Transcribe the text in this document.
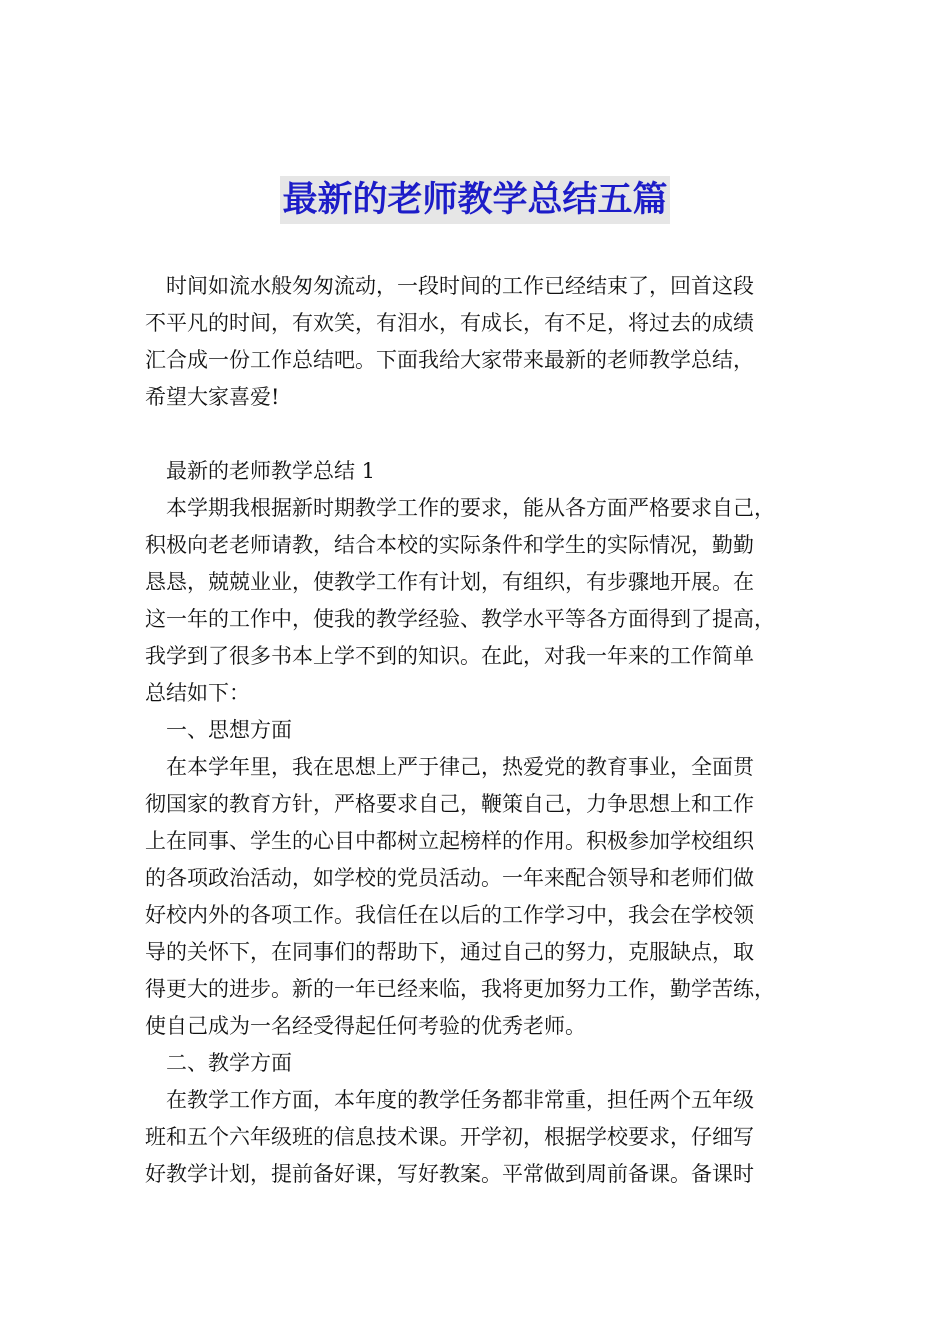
最新的老师教学总结五篇
时间如流水般匆匆流动，一段时间的工作已经结束了，回首这段
不平凡的时间，有欢笑，有泪水，有成长，有不足，将过去的成绩
汇合成一份工作总结吧。下面我给大家带来最新的老师教学总结，
希望大家喜爱!
最新的老师教学总结 1
本学期我根据新时期教学工作的要求，能从各方面严格要求自己，
积极向老老师请教，结合本校的实际条件和学生的实际情况，勤勤
恳恳，兢兢业业，使教学工作有计划，有组织，有步骤地开展。在
这一年的工作中，使我的教学经验、教学水平等各方面得到了提高，
我学到了很多书本上学不到的知识。在此，对我一年来的工作简单
总结如下：
一、思想方面
在本学年里，我在思想上严于律己，热爱党的教育事业，全面贯
彻国家的教育方针，严格要求自己，鞭策自己，力争思想上和工作
上在同事、学生的心目中都树立起榜样的作用。积极参加学校组织
的各项政治活动，如学校的党员活动。一年来配合领导和老师们做
好校内外的各项工作。我信任在以后的工作学习中，我会在学校领
导的关怀下，在同事们的帮助下，通过自己的努力，克服缺点，取
得更大的进步。新的一年已经来临，我将更加努力工作，勤学苦练，
使自己成为一名经受得起任何考验的优秀老师。
二、教学方面
在教学工作方面，本年度的教学任务都非常重，担任两个五年级
班和五个六年级班的信息技术课。开学初，根据学校要求，仔细写
好教学计划，提前备好课，写好教案。平常做到周前备课。备课时
